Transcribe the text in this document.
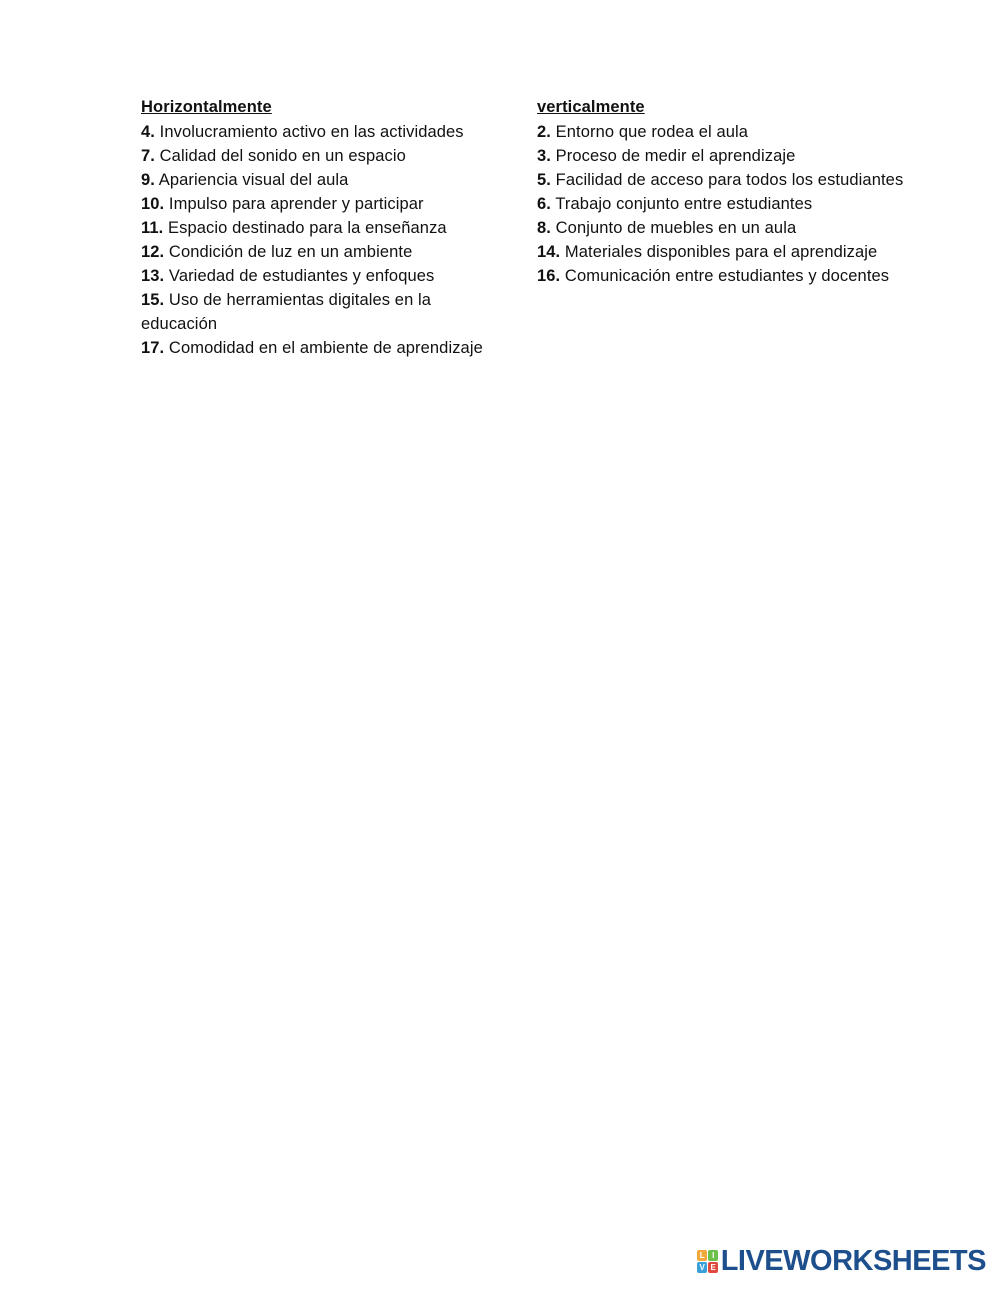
Horizontalmente
4. Involucramiento activo en las actividades
7. Calidad del sonido en un espacio
9. Apariencia visual del aula
10. Impulso para aprender y participar
11. Espacio destinado para la enseñanza
12. Condición de luz en un ambiente
13. Variedad de estudiantes y enfoques
15. Uso de herramientas digitales en la educación
17. Comodidad en el ambiente de aprendizaje
verticalmente
2. Entorno que rodea el aula
3. Proceso de medir el aprendizaje
5. Facilidad de acceso para todos los estudiantes
6. Trabajo conjunto entre estudiantes
8. Conjunto de muebles en un aula
14. Materiales disponibles para el aprendizaje
16. Comunicación entre estudiantes y docentes
L I
V E LIVEWORKSHEETS
